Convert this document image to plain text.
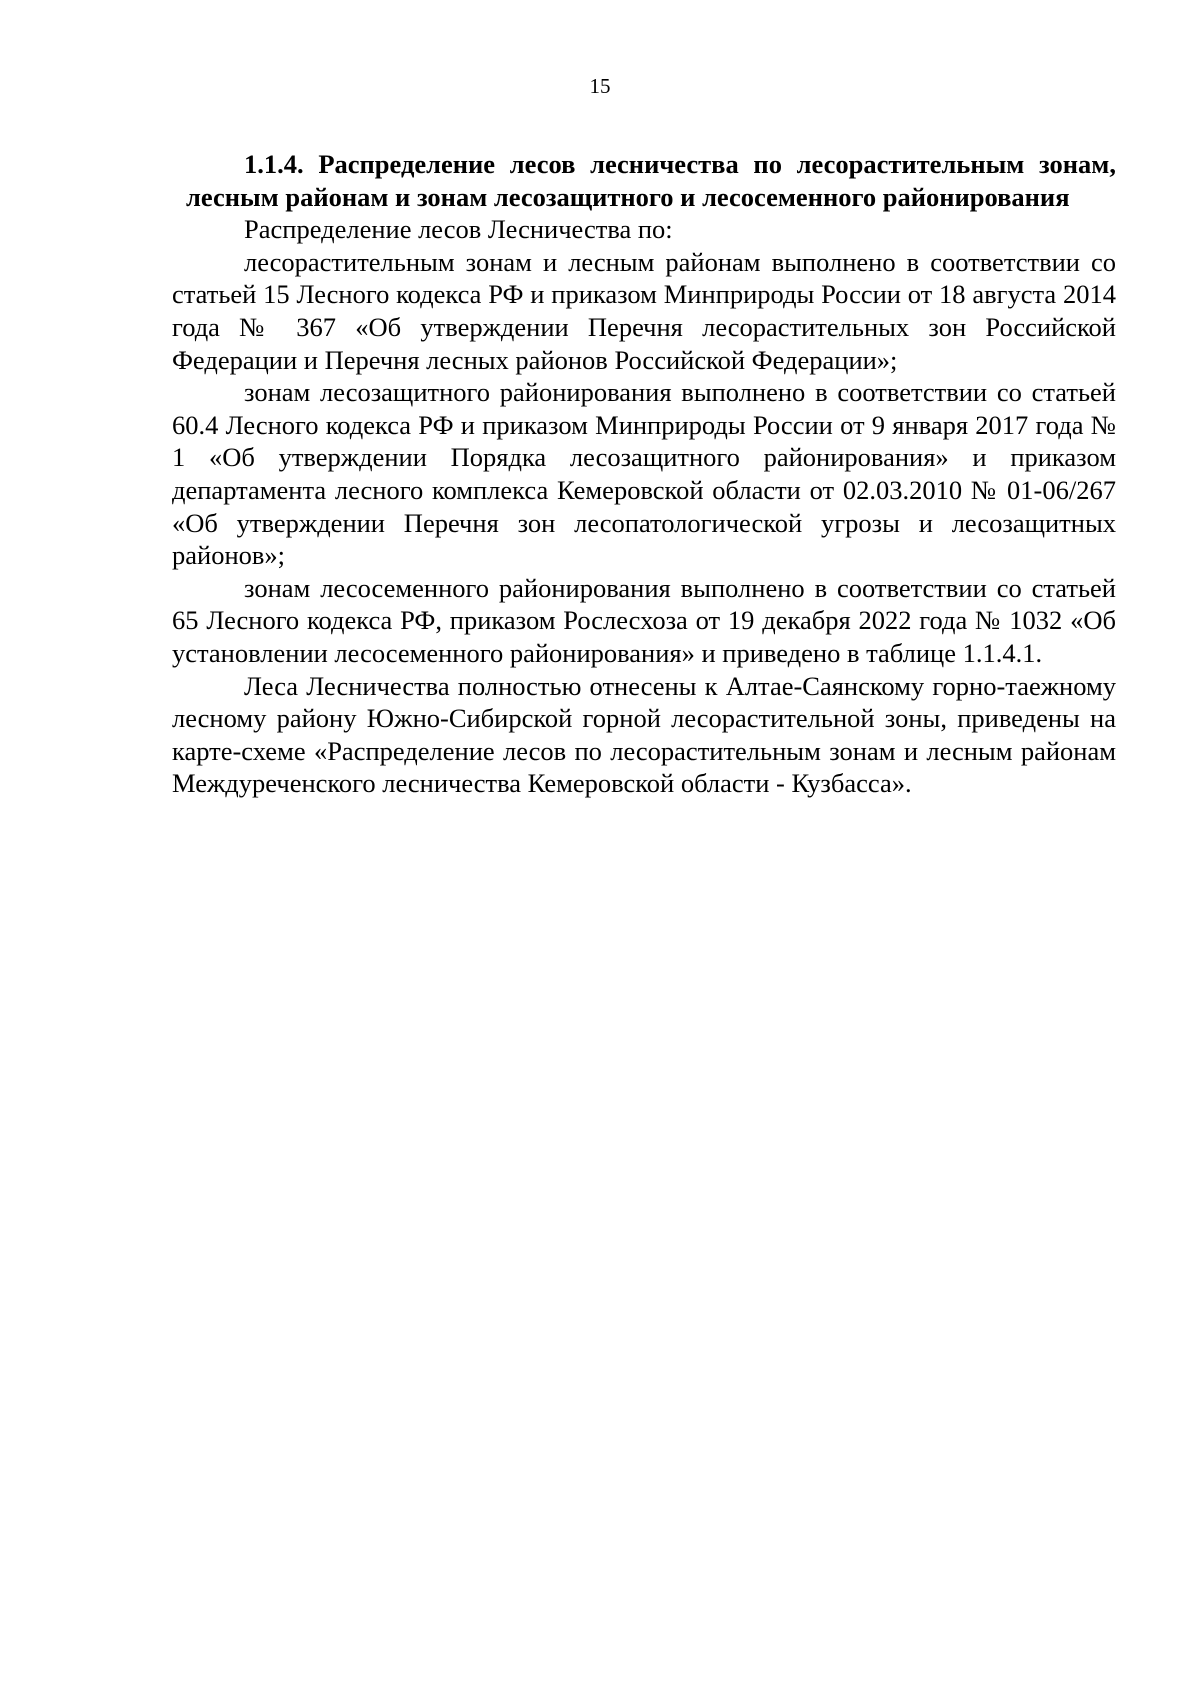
15

1.1.4. Распределение лесов лесничества по лесорастительным зонам, лесным районам и зонам лесозащитного и лесосеменного районирования

Распределение лесов Лесничества по:

лесорастительным зонам и лесным районам выполнено в соответствии со статьей 15 Лесного кодекса РФ и приказом Минприроды России от 18 августа 2014 года № 367 «Об утверждении Перечня лесорастительных зон Российской Федерации и Перечня лесных районов Российской Федерации»;

зонам лесозащитного районирования выполнено в соответствии со статьей 60.4 Лесного кодекса РФ и приказом Минприроды России от 9 января 2017 года № 1 «Об утверждении Порядка лесозащитного районирования» и приказом департамента лесного комплекса Кемеровской области от 02.03.2010 № 01-06/267 «Об утверждении Перечня зон лесопатологической угрозы и лесозащитных районов»;

зонам лесосеменного районирования выполнено в соответствии со статьей 65 Лесного кодекса РФ, приказом Рослесхоза от 19 декабря 2022 года № 1032 «Об установлении лесосеменного районирования» и приведено в таблице 1.1.4.1.

Леса Лесничества полностью отнесены к Алтае-Саянскому горно-таежному лесному району Южно-Сибирской горной лесорастительной зоны, приведены на карте-схеме «Распределение лесов по лесорастительным зонам и лесным районам Междуреченского лесничества Кемеровской области - Кузбасса».
